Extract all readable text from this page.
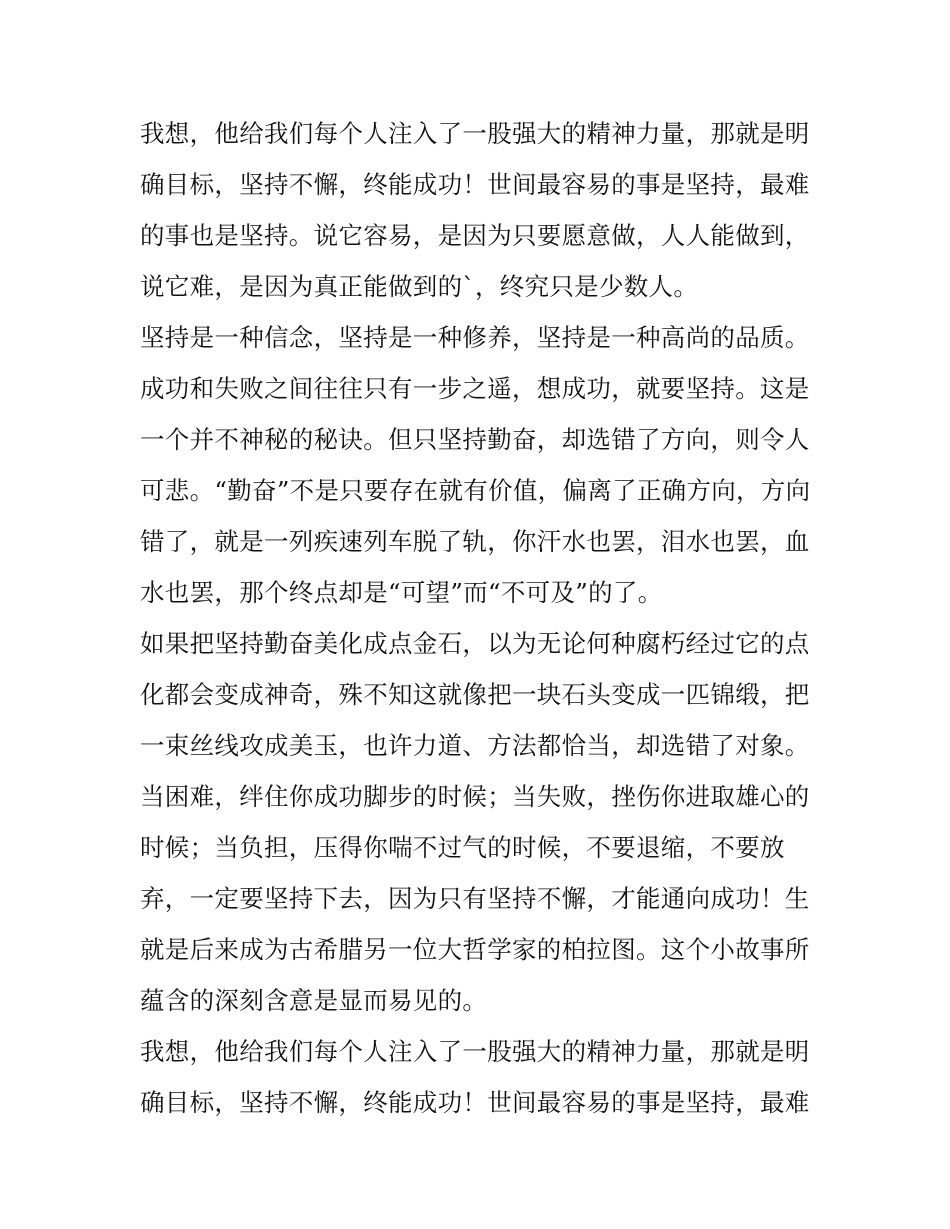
我想，他给我们每个人注入了一股强大的精神力量，那就是明
确目标，坚持不懈，终能成功！世间最容易的事是坚持，最难
的事也是坚持。说它容易，是因为只要愿意做，人人能做到，
说它难，是因为真正能做到的`，终究只是少数人。
坚持是一种信念，坚持是一种修养，坚持是一种高尚的品质。
成功和失败之间往往只有一步之遥，想成功，就要坚持。这是
一个并不神秘的秘诀。但只坚持勤奋，却选错了方向，则令人
可悲。“勤奋”不是只要存在就有价值，偏离了正确方向，方向
错了，就是一列疾速列车脱了轨，你汗水也罢，泪水也罢，血
水也罢，那个终点却是“可望”而“不可及”的了。
如果把坚持勤奋美化成点金石，以为无论何种腐朽经过它的点
化都会变成神奇，殊不知这就像把一块石头变成一匹锦缎，把
一束丝线攻成美玉，也许力道、方法都恰当，却选错了对象。
当困难，绊住你成功脚步的时候；当失败，挫伤你进取雄心的
时候；当负担，压得你喘不过气的时候，不要退缩，不要放
弃，一定要坚持下去，因为只有坚持不懈，才能通向成功！生
就是后来成为古希腊另一位大哲学家的柏拉图。这个小故事所
蕴含的深刻含意是显而易见的。
我想，他给我们每个人注入了一股强大的精神力量，那就是明
确目标，坚持不懈，终能成功！世间最容易的事是坚持，最难
